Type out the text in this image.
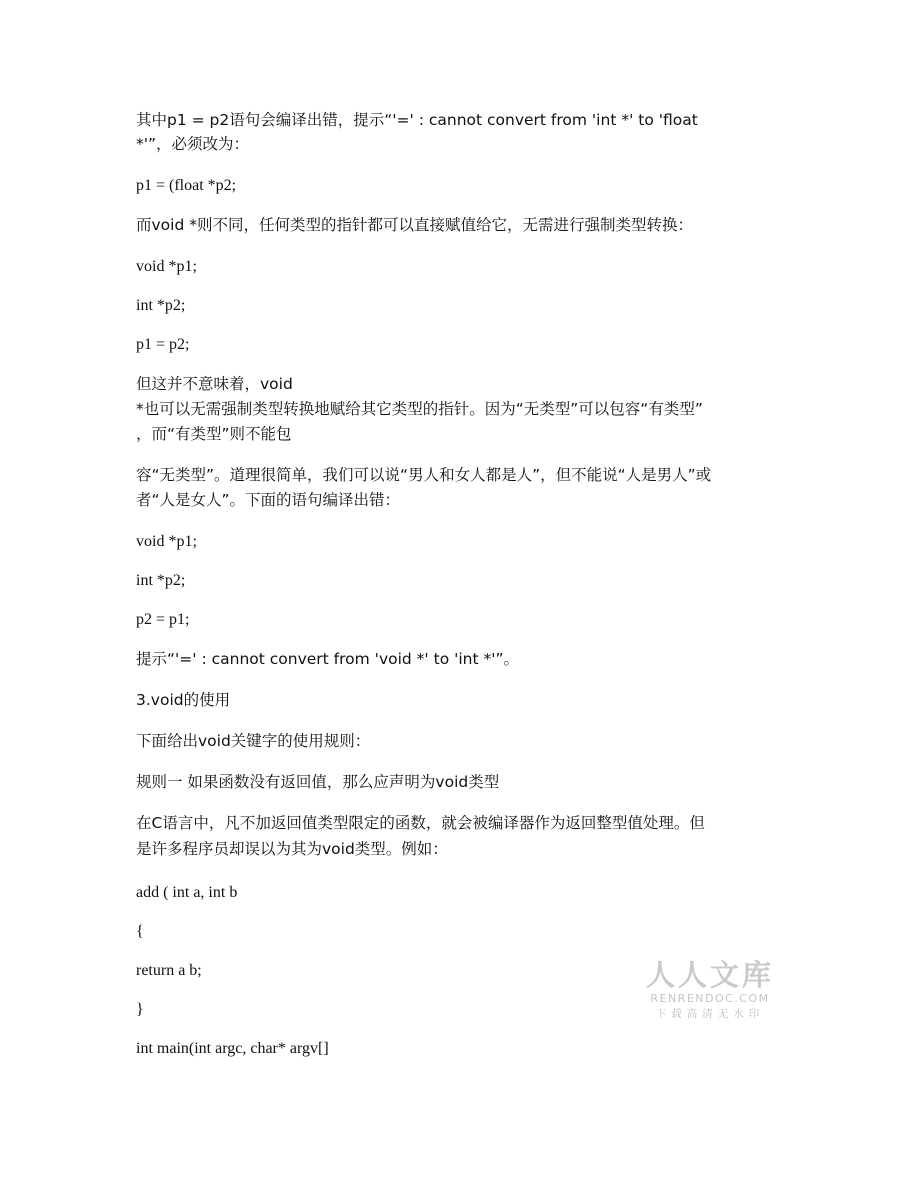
其中p1 = p2语句会编译出错，提示“'=' : cannot convert from 'int *' to 'float
*'”，必须改为：
p1 = (float *p2;
而void *则不同，任何类型的指针都可以直接赋值给它，无需进行强制类型转换：
void *p1;
int *p2;
p1 = p2;
但这并不意味着，void
*也可以无需强制类型转换地赋给其它类型的指针。因为“无类型”可以包容“有类型”
，而“有类型”则不能包
容“无类型”。道理很简单，我们可以说“男人和女人都是人”，但不能说“人是男人”或
者“人是女人”。下面的语句编译出错：
void *p1;
int *p2;
p2 = p1;
提示“'=' : cannot convert from 'void *' to 'int *'”。
3.void的使用
下面给出void关键字的使用规则：
规则一 如果函数没有返回值，那么应声明为void类型
在C语言中，凡不加返回值类型限定的函数，就会被编译器作为返回整型值处理。但
是许多程序员却误以为其为void类型。例如：
add ( int a, int b
{
return a b;
}
int main(int argc, char* argv[]
人人文库
RENRENDOC.COM
下载高清无水印
